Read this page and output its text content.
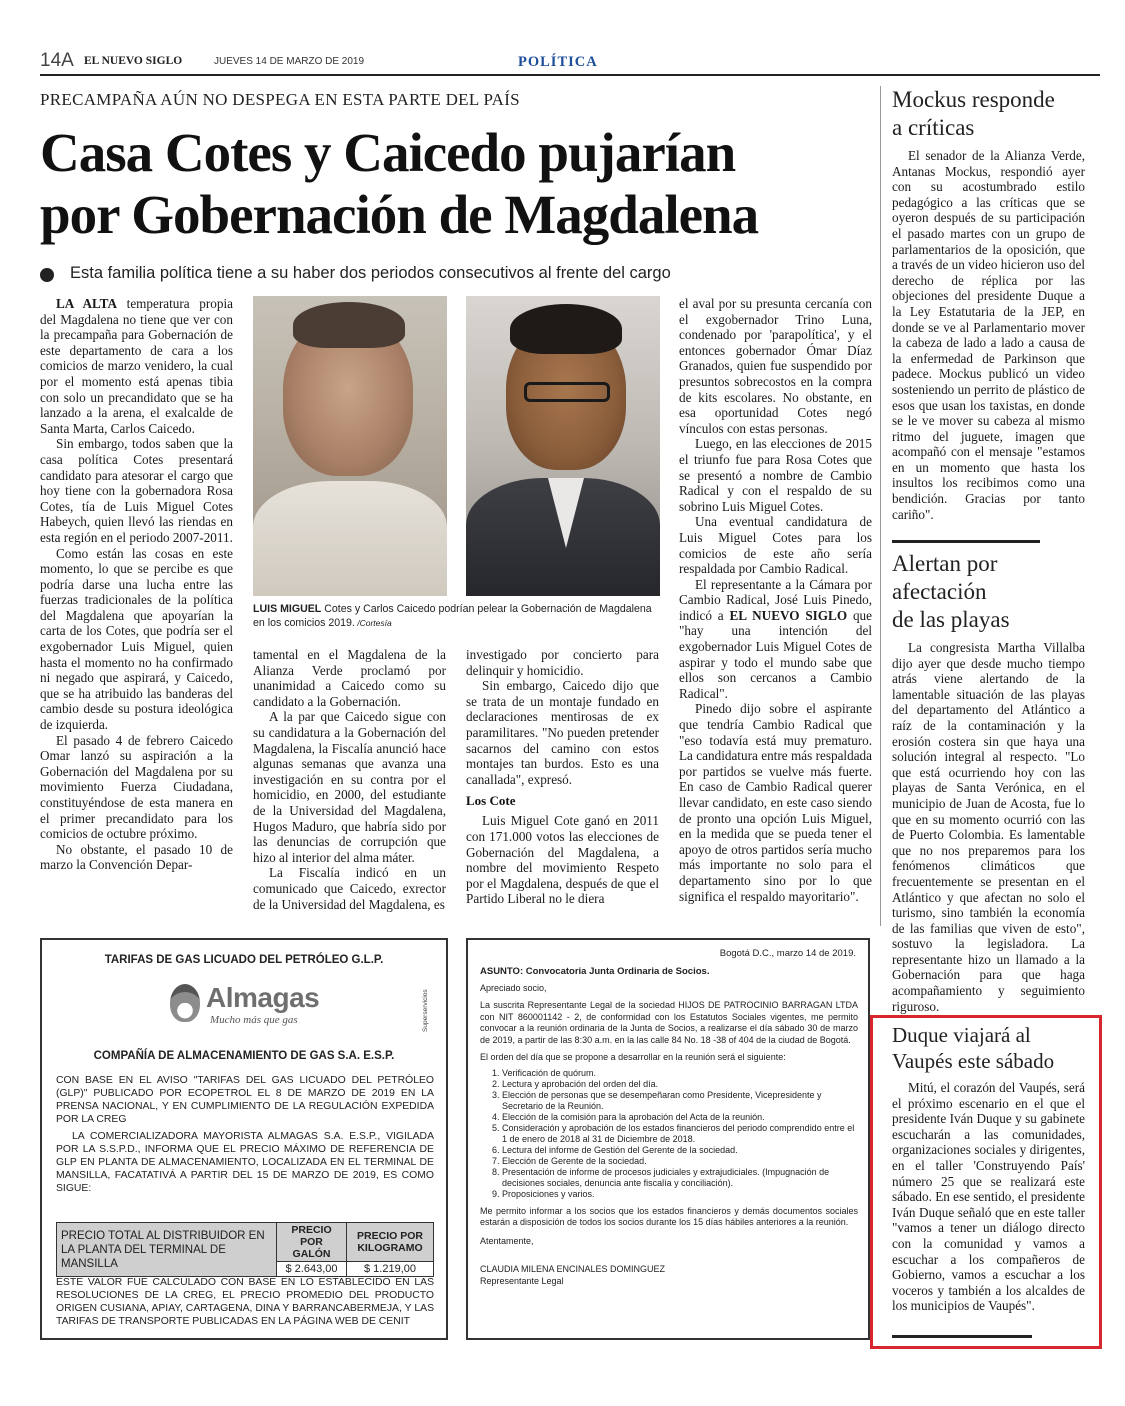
14A EL NUEVO SIGLO	JUEVES 14 DE MARZO DE 2019	POLÍTICA
PRECAMPAÑA AÚN NO DESPEGA EN ESTA PARTE DEL PAÍS
Casa Cotes y Caicedo pujarían
por Gobernación de Magdalena
Esta familia política tiene a su haber dos periodos consecutivos al frente del cargo

LA ALTA temperatura propia del Magdalena no tiene que ver con la precampaña para Gobernación de este departamento de cara a los comicios de marzo venidero, la cual por el momento está apenas tibia con solo un precandidato que se ha lanzado a la arena, el exalcalde de Santa Marta, Carlos Caicedo.

Sin embargo, todos saben que la casa política Cotes presentará candidato para atesorar el cargo que hoy tiene con la gobernadora Rosa Cotes, tía de Luis Miguel Cotes Habeych, quien llevó las riendas en esta región en el periodo 2007-2011.

Como están las cosas en este momento, lo que se percibe es que podría darse una lucha entre las fuerzas tradicionales de la política del Magdalena que apoyarían la carta de los Cotes, que podría ser el exgobernador Luis Miguel, quien hasta el momento no ha confirmado ni negado que aspirará, y Caicedo, que se ha atribuido las banderas del cambio desde su postura ideológica de izquierda.

El pasado 4 de febrero Caicedo Omar lanzó su aspiración a la Gobernación del Magdalena por su movimiento Fuerza Ciudadana, constituyéndose de esta manera en el primer precandidato para los comicios de octubre próximo.

No obstante, el pasado 10 de marzo la Convención Depar-

LUIS MIGUEL Cotes y Carlos Caicedo podrían pelear la Gobernación de Magdalena en los comicios 2019. /Cortesía

tamental en el Magdalena de la Alianza Verde proclamó por unanimidad a Caicedo como su candidato a la Gobernación.

A la par que Caicedo sigue con su candidatura a la Gobernación del Magdalena, la Fiscalía anunció hace algunas semanas que avanza una investigación en su contra por el homicidio, en 2000, del estudiante de la Universidad del Magdalena, Hugos Maduro, que habría sido por las denuncias de corrupción que hizo al interior del alma máter.

La Fiscalía indicó en un comunicado que Caicedo, exrector de la Universidad del Magdalena, es

investigado por concierto para delinquir y homicidio.

Sin embargo, Caicedo dijo que se trata de un montaje fundado en declaraciones mentirosas de ex paramilitares. "No pueden pretender sacarnos del camino con estos montajes tan burdos. Esto es una canallada", expresó.

Los Cote

Luis Miguel Cote ganó en 2011 con 171.000 votos las elecciones de Gobernación del Magdalena, a nombre del movimiento Respeto por el Magdalena, después de que el Partido Liberal no le diera

el aval por su presunta cercanía con el exgobernador Trino Luna, condenado por 'parapolítica', y el entonces gobernador Ómar Díaz Granados, quien fue suspendido por presuntos sobrecostos en la compra de kits escolares. No obstante, en esa oportunidad Cotes negó vínculos con estas personas.

Luego, en las elecciones de 2015 el triunfo fue para Rosa Cotes que se presentó a nombre de Cambio Radical y con el respaldo de su sobrino Luis Miguel Cotes.

Una eventual candidatura de Luis Miguel Cotes para los comicios de este año sería respaldada por Cambio Radical.

El representante a la Cámara por Cambio Radical, José Luis Pinedo, indicó a EL NUEVO SIGLO que "hay una intención del exgobernador Luis Miguel Cotes de aspirar y todo el mundo sabe que ellos son cercanos a Cambio Radical".

Pinedo dijo sobre el aspirante que tendría Cambio Radical que "eso todavía está muy prematuro. La candidatura entre más respaldada por partidos se vuelve más fuerte. En caso de Cambio Radical querer llevar candidato, en este caso siendo de pronto una opción Luis Miguel, en la medida que se pueda tener el apoyo de otros partidos sería mucho más importante no solo para el departamento sino por lo que significa el respaldo mayoritario".

Mockus responde
a críticas

El senador de la Alianza Verde, Antanas Mockus, respondió ayer con su acostumbrado estilo pedagógico a las críticas que se oyeron después de su participación el pasado martes con un grupo de parlamentarios de la oposición, que a través de un video hicieron uso del derecho de réplica por las objeciones del presidente Duque a la Ley Estatutaria de la JEP, en donde se ve al Parlamentario mover la cabeza de lado a lado a causa de la enfermedad de Parkinson que padece. Mockus publicó un video sosteniendo un perrito de plástico de esos que usan los taxistas, en donde se le ve mover su cabeza al mismo ritmo del juguete, imagen que acompañó con el mensaje "estamos en un momento que hasta los insultos los recibimos como una bendición. Gracias por tanto cariño".

Alertan por
afectación
de las playas

La congresista Martha Villalba dijo ayer que desde mucho tiempo atrás viene alertando de la lamentable situación de las playas del departamento del Atlántico a raíz de la contaminación y la erosión costera sin que haya una solución integral al respecto. "Lo que está ocurriendo hoy con las playas de Santa Verónica, en el municipio de Juan de Acosta, fue lo que en su momento ocurrió con las de Puerto Colombia. Es lamentable que no nos preparemos para los fenómenos climáticos que frecuentemente se presentan en el Atlántico y que afectan no solo el turismo, sino también la economía de las familias que viven de esto", sostuvo la legisladora. La representante hizo un llamado a la Gobernación para que haga acompañamiento y seguimiento riguroso.

Duque viajará al
Vaupés este sábado

Mitú, el corazón del Vaupés, será el próximo escenario en el que el presidente Iván Duque y su gabinete escucharán a las comunidades, organizaciones sociales y dirigentes, en el taller 'Construyendo País' número 25 que se realizará este sábado. En ese sentido, el presidente Iván Duque señaló que en este taller "vamos a tener un diálogo directo con la comunidad y vamos a escuchar a los compañeros de Gobierno, vamos a escuchar a los voceros y también a los alcaldes de los municipios de Vaupés".

TARIFAS DE GAS LICUADO DEL PETRÓLEO G.L.P.
Almagas
Mucho más que gas	Superservicios
COMPAÑÍA DE ALMACENAMIENTO DE GAS S.A. E.S.P.
CON BASE EN EL AVISO "TARIFAS DEL GAS LICUADO DEL PETRÓLEO (GLP)" PUBLICADO POR ECOPETROL EL 8 DE MARZO DE 2019 EN LA PRENSA NACIONAL, Y EN CUMPLIMIENTO DE LA REGULACIÓN EXPEDIDA POR LA CREG
LA COMERCIALIZADORA MAYORISTA ALMAGAS S.A. E.S.P., VIGILADA POR LA S.S.P.D., INFORMA QUE EL PRECIO MÁXIMO DE REFERENCIA DE GLP EN PLANTA DE ALMACENAMIENTO, LOCALIZADA EN EL TERMINAL DE MANSILLA, FACATATIVÁ A PARTIR DEL 15 DE MARZO DE 2019, ES COMO SIGUE:
PRECIO TOTAL AL DISTRIBUIDOR EN LA PLANTA DEL TERMINAL DE MANSILLA	PRECIO POR GALÓN	PRECIO POR KILOGRAMO
	$ 2.643,00	$ 1.219,00
ESTE VALOR FUE CALCULADO CON BASE EN LO ESTABLECIDO EN LAS RESOLUCIONES DE LA CREG, EL PRECIO PROMEDIO DEL PRODUCTO ORIGEN CUSIANA, APIAY, CARTAGENA, DINA Y BARRANCABERMEJA, Y LAS TARIFAS DE TRANSPORTE PUBLICADAS EN LA PÁGINA WEB DE CENIT
Bogotá D.C., marzo 14 de 2019.
ASUNTO: Convocatoria Junta Ordinaria de Socios.
Apreciado socio,
La suscrita Representante Legal de la sociedad HIJOS DE PATROCINIO BARRAGAN LTDA con NIT 860001142 - 2, de conformidad con los Estatutos Sociales vigentes, me permito convocar a la reunión ordinaria de la Junta de Socios, a realizarse el día sábado 30 de marzo de 2019, a partir de las 8:30 a.m. en la las calle 84 No. 18 -38 of 404 de la ciudad de Bogotá.
El orden del día que se propone a desarrollar en la reunión será el siguiente:
1. Verificación de quórum.
2. Lectura y aprobación del orden del día.
3. Elección de personas que se desempeñaran como Presidente, Vicepresidente y Secretario de la Reunión.
4. Elección de la comisión para la aprobación del Acta de la reunión.
5. Consideración y aprobación de los estados financieros del periodo comprendido entre el 1 de enero de 2018 al 31 de Diciembre de 2018.
6. Lectura del informe de Gestión del Gerente de la sociedad.
7. Elección de Gerente de la sociedad.
8. Presentación de informe de procesos judiciales y extrajudiciales. (Impugnación de decisiones sociales, denuncia ante fiscalía y conciliación).
9. Proposiciones y varios.
Me permito informar a los socios que los estados financieros y demás documentos sociales estarán a disposición de todos los socios durante los 15 días hábiles anteriores a la reunión.
Atentamente,
CLAUDIA MILENA ENCINALES DOMINGUEZ
Representante Legal
